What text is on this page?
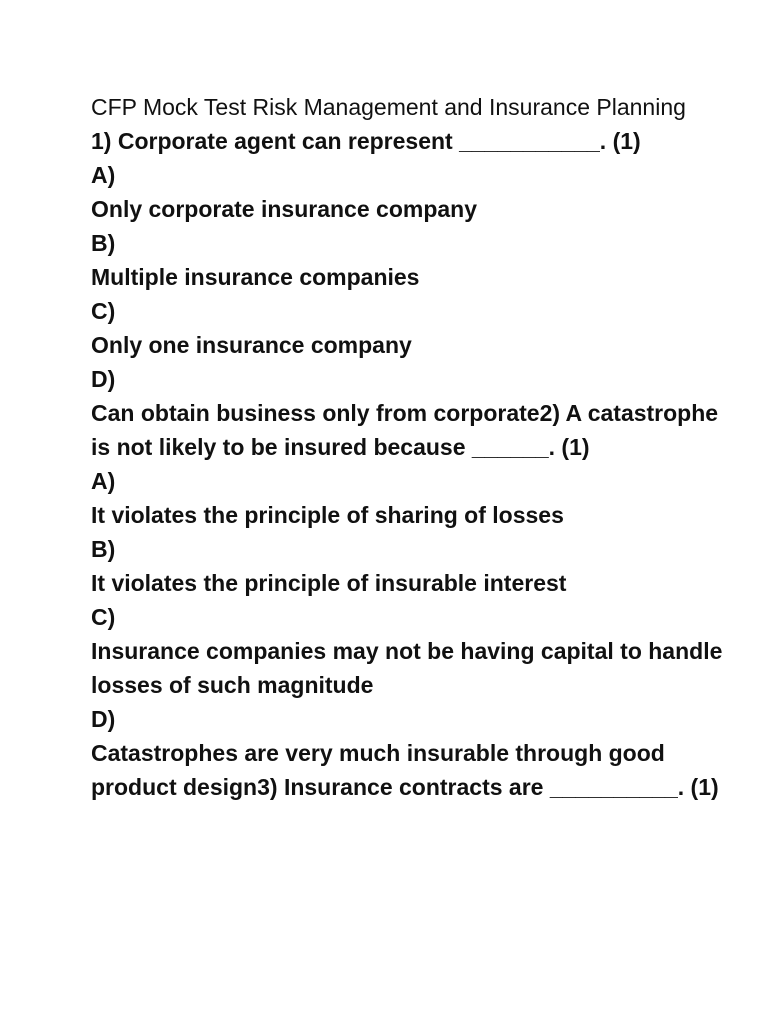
CFP Mock Test Risk Management and Insurance Planning

1) Corporate agent can represent ___________. (1)

A)

Only corporate insurance company

B)

Multiple insurance companies

C)

Only one insurance company

D)

Can obtain business only from corporate2) A catastrophe is not likely to be insured because ______. (1)

A)

It violates the principle of sharing of losses

B)

It violates the principle of insurable interest

C)

Insurance companies may not be having capital to handle losses of such magnitude

D)

Catastrophes are very much insurable through good product design3) Insurance contracts are __________. (1)
